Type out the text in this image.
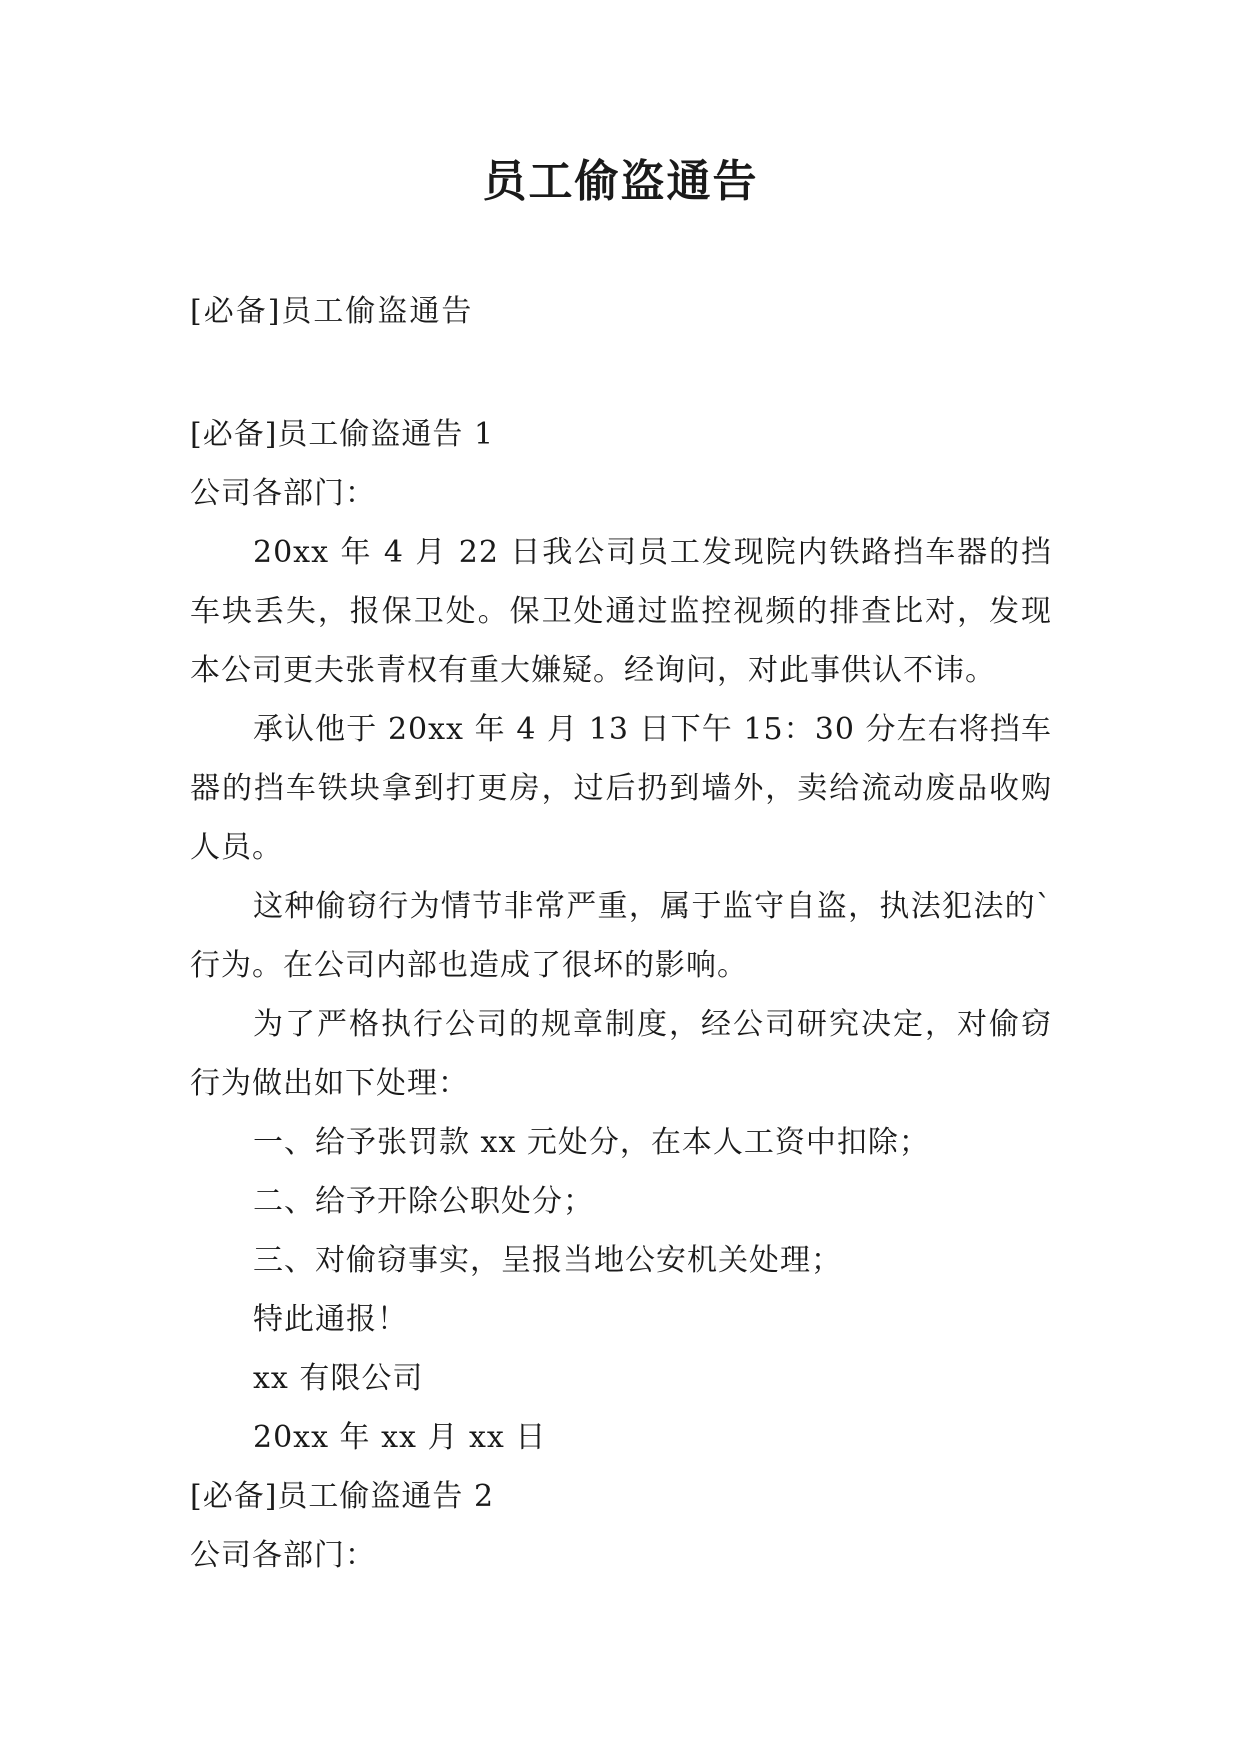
员工偷盗通告
[必备]员工偷盗通告
[必备]员工偷盗通告 1
公司各部门：

20xx 年 4 月 22 日我公司员工发现院内铁路挡车器的挡车块丢失，报保卫处。保卫处通过监控视频的排查比对，发现本公司更夫张青权有重大嫌疑。经询问，对此事供认不讳。

承认他于 20xx 年 4 月 13 日下午 15：30 分左右将挡车器的挡车铁块拿到打更房，过后扔到墙外，卖给流动废品收购人员。

这种偷窃行为情节非常严重，属于监守自盗，执法犯法的`行为。在公司内部也造成了很坏的影响。

为了严格执行公司的规章制度，经公司研究决定，对偷窃行为做出如下处理：

一、给予张罚款 xx 元处分，在本人工资中扣除；
二、给予开除公职处分；
三、对偷窃事实，呈报当地公安机关处理；
特此通报！
xx 有限公司
20xx 年 xx 月 xx 日
[必备]员工偷盗通告 2
公司各部门：
